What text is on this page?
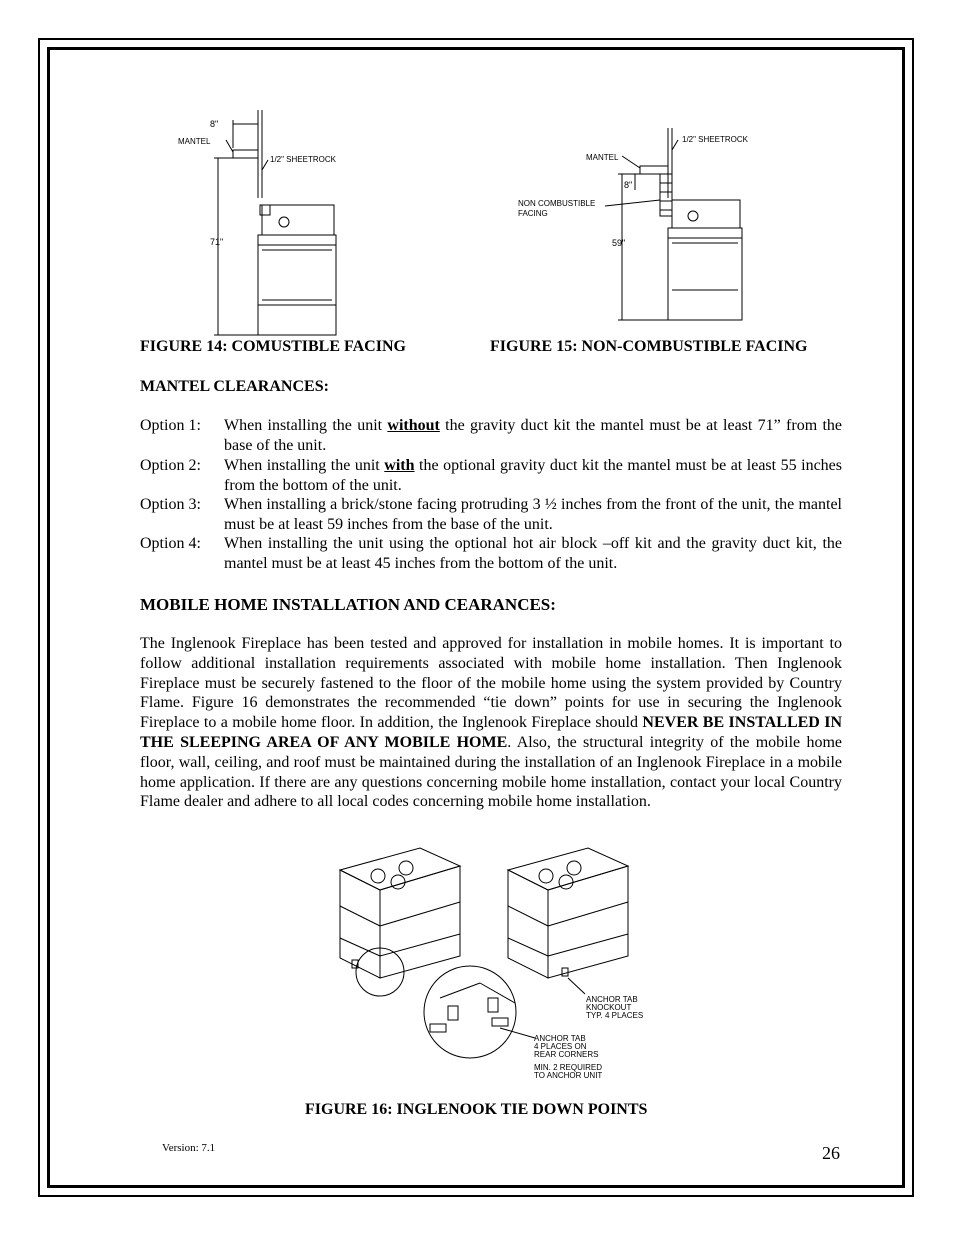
8"
MANTEL
1/2" SHEETROCK
71"
FIGURE 14: COMUSTIBLE FACING
MANTEL
1/2" SHEETROCK
8"
NON COMBUSTIBLE
FACING
59"
FIGURE 15: NON-COMBUSTIBLE FACING
MANTEL CLEARANCES:
Option 1: When installing the unit without the gravity duct kit the mantel must be at least 71” from the base of the unit.
Option 2: When installing the unit with the optional gravity duct kit the mantel must be at least 55 inches from the bottom of the unit.
Option 3: When installing a brick/stone facing protruding 3 ½ inches from the front of the unit, the mantel must be at least 59 inches from the base of the unit.
Option 4: When installing the unit using the optional hot air block –off kit and the gravity duct kit, the mantel must be at least 45 inches from the bottom of the unit.
MOBILE HOME INSTALLATION AND CEARANCES:
The Inglenook Fireplace has been tested and approved for installation in mobile homes. It is important to follow additional installation requirements associated with mobile home installation. Then Inglenook Fireplace must be securely fastened to the floor of the mobile home using the system provided by Country Flame. Figure 16 demonstrates the recommended “tie down” points for use in securing the Inglenook Fireplace to a mobile home floor. In addition, the Inglenook Fireplace should NEVER BE INSTALLED IN THE SLEEPING AREA OF ANY MOBILE HOME. Also, the structural integrity of the mobile home floor, wall, ceiling, and roof must be maintained during the installation of an Inglenook Fireplace in a mobile home application. If there are any questions concerning mobile home installation, contact your local Country Flame dealer and adhere to all local codes concerning mobile home installation.
ANCHOR TAB
KNOCKOUT
TYP. 4 PLACES
ANCHOR TAB
4 PLACES ON
REAR CORNERS
MIN. 2 REQUIRED
TO ANCHOR UNIT
FIGURE 16: INGLENOOK TIE DOWN POINTS
Version: 7.1	26
